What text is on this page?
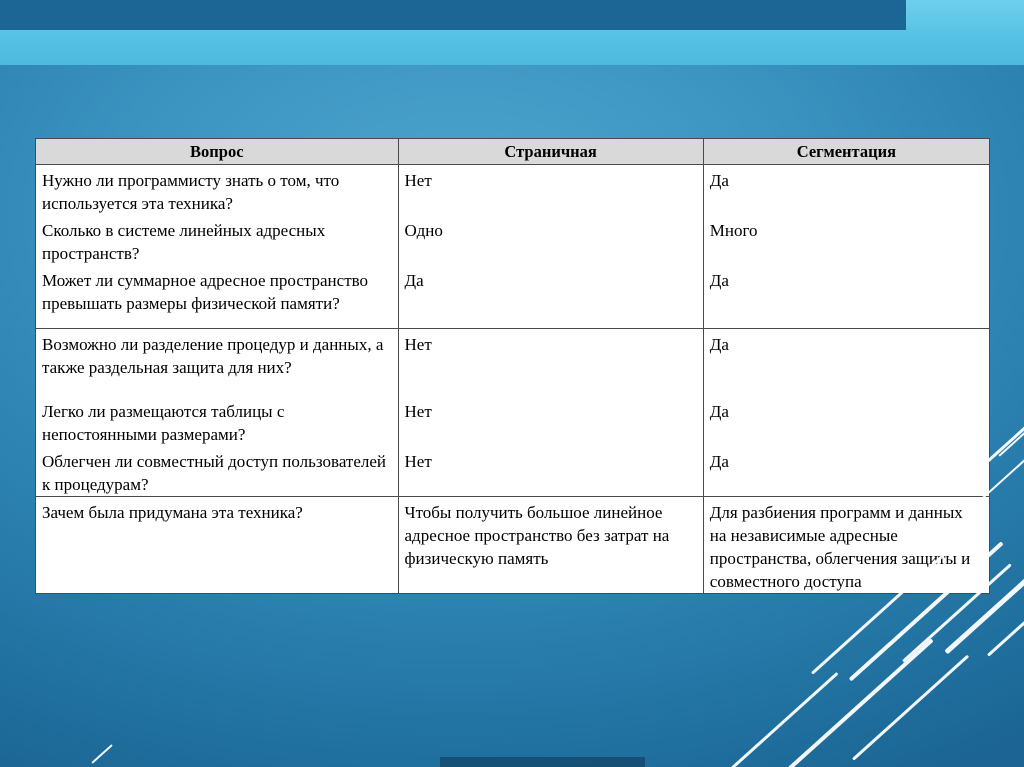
Вопрос	Страничная	Сегментация
Нужно ли программисту знать о том, что используется эта техника?	Нет	Да
Сколько в системе линейных адресных пространств?	Одно	Много
Может ли суммарное адресное пространство превышать размеры физической памяти?	Да	Да
Возможно ли разделение процедур и данных, а также раздельная защита для них?	Нет	Да
Легко ли размещаются таблицы с непостоянными размерами?	Нет	Да
Облегчен ли совместный доступ пользователей к процедурам?	Нет	Да
Зачем была придумана эта техника?	Чтобы получить большое линейное адресное пространство без затрат на физическую память	Для разбиения программ и данных на независимые адресные пространства, облегчения защиты и совместного доступа
